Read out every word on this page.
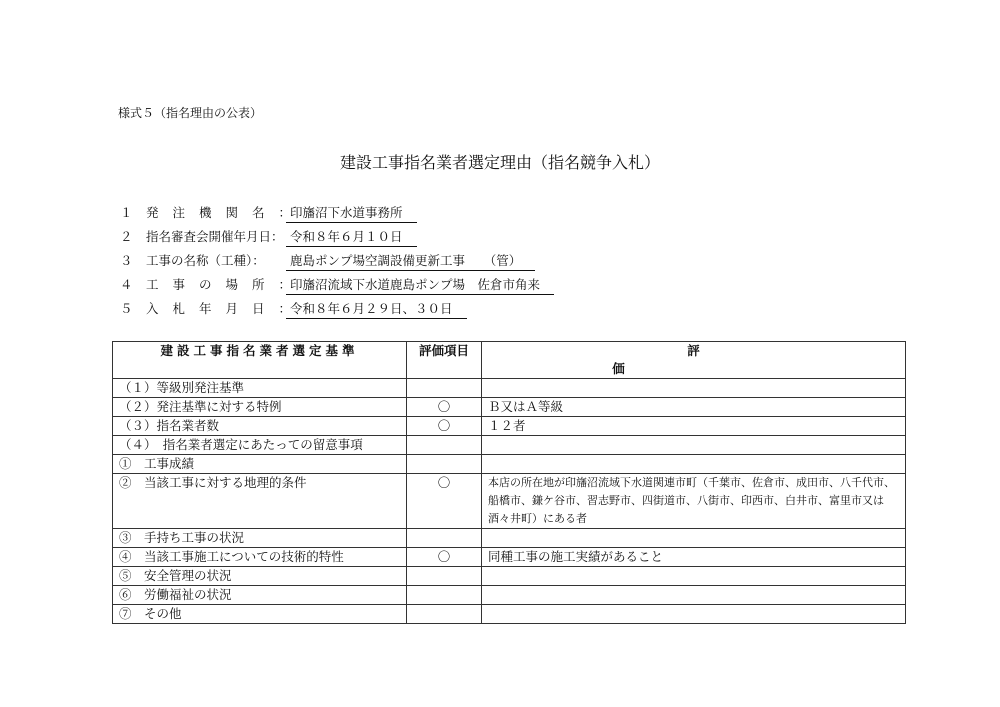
様式５（指名理由の公表）
建設工事指名業者選定理由（指名競争入札）
１ 発注機関名：
印旛沼下水道事務所
２ 指名審査会開催年月日： 令和８年６月１０日
３ 工事の名称（工種）：	鹿島ポンプ場空調設備更新工事　　（管）
４ 工事の場所：
印旛沼流域下水道鹿島ポンプ場　佐倉市角来
５ 入札年月日：
令和８年６月２９日、３０日
建設工事指名業者選定基準	評価項目	評価
（１）等級別発注基準		
（２）発注基準に対する特例	〇	Ｂ又はＡ等級
（３）指名業者数	〇	１２者
（４）　指名業者選定にあたっての留意事項		
①　工事成績		
②　当該工事に対する地理的条件	〇	本店の所在地が印旛沼流域下水道関連市町（千葉市、佐倉市、成田市、八千代市、船橋市、鎌ケ谷市、習志野市、四街道市、八街市、印西市、白井市、富里市又は酒々井町）にある者
③　手持ち工事の状況		
④　当該工事施工についての技術的特性	〇	同種工事の施工実績があること
⑤　安全管理の状況		
⑥　労働福祉の状況		
⑦　その他		
